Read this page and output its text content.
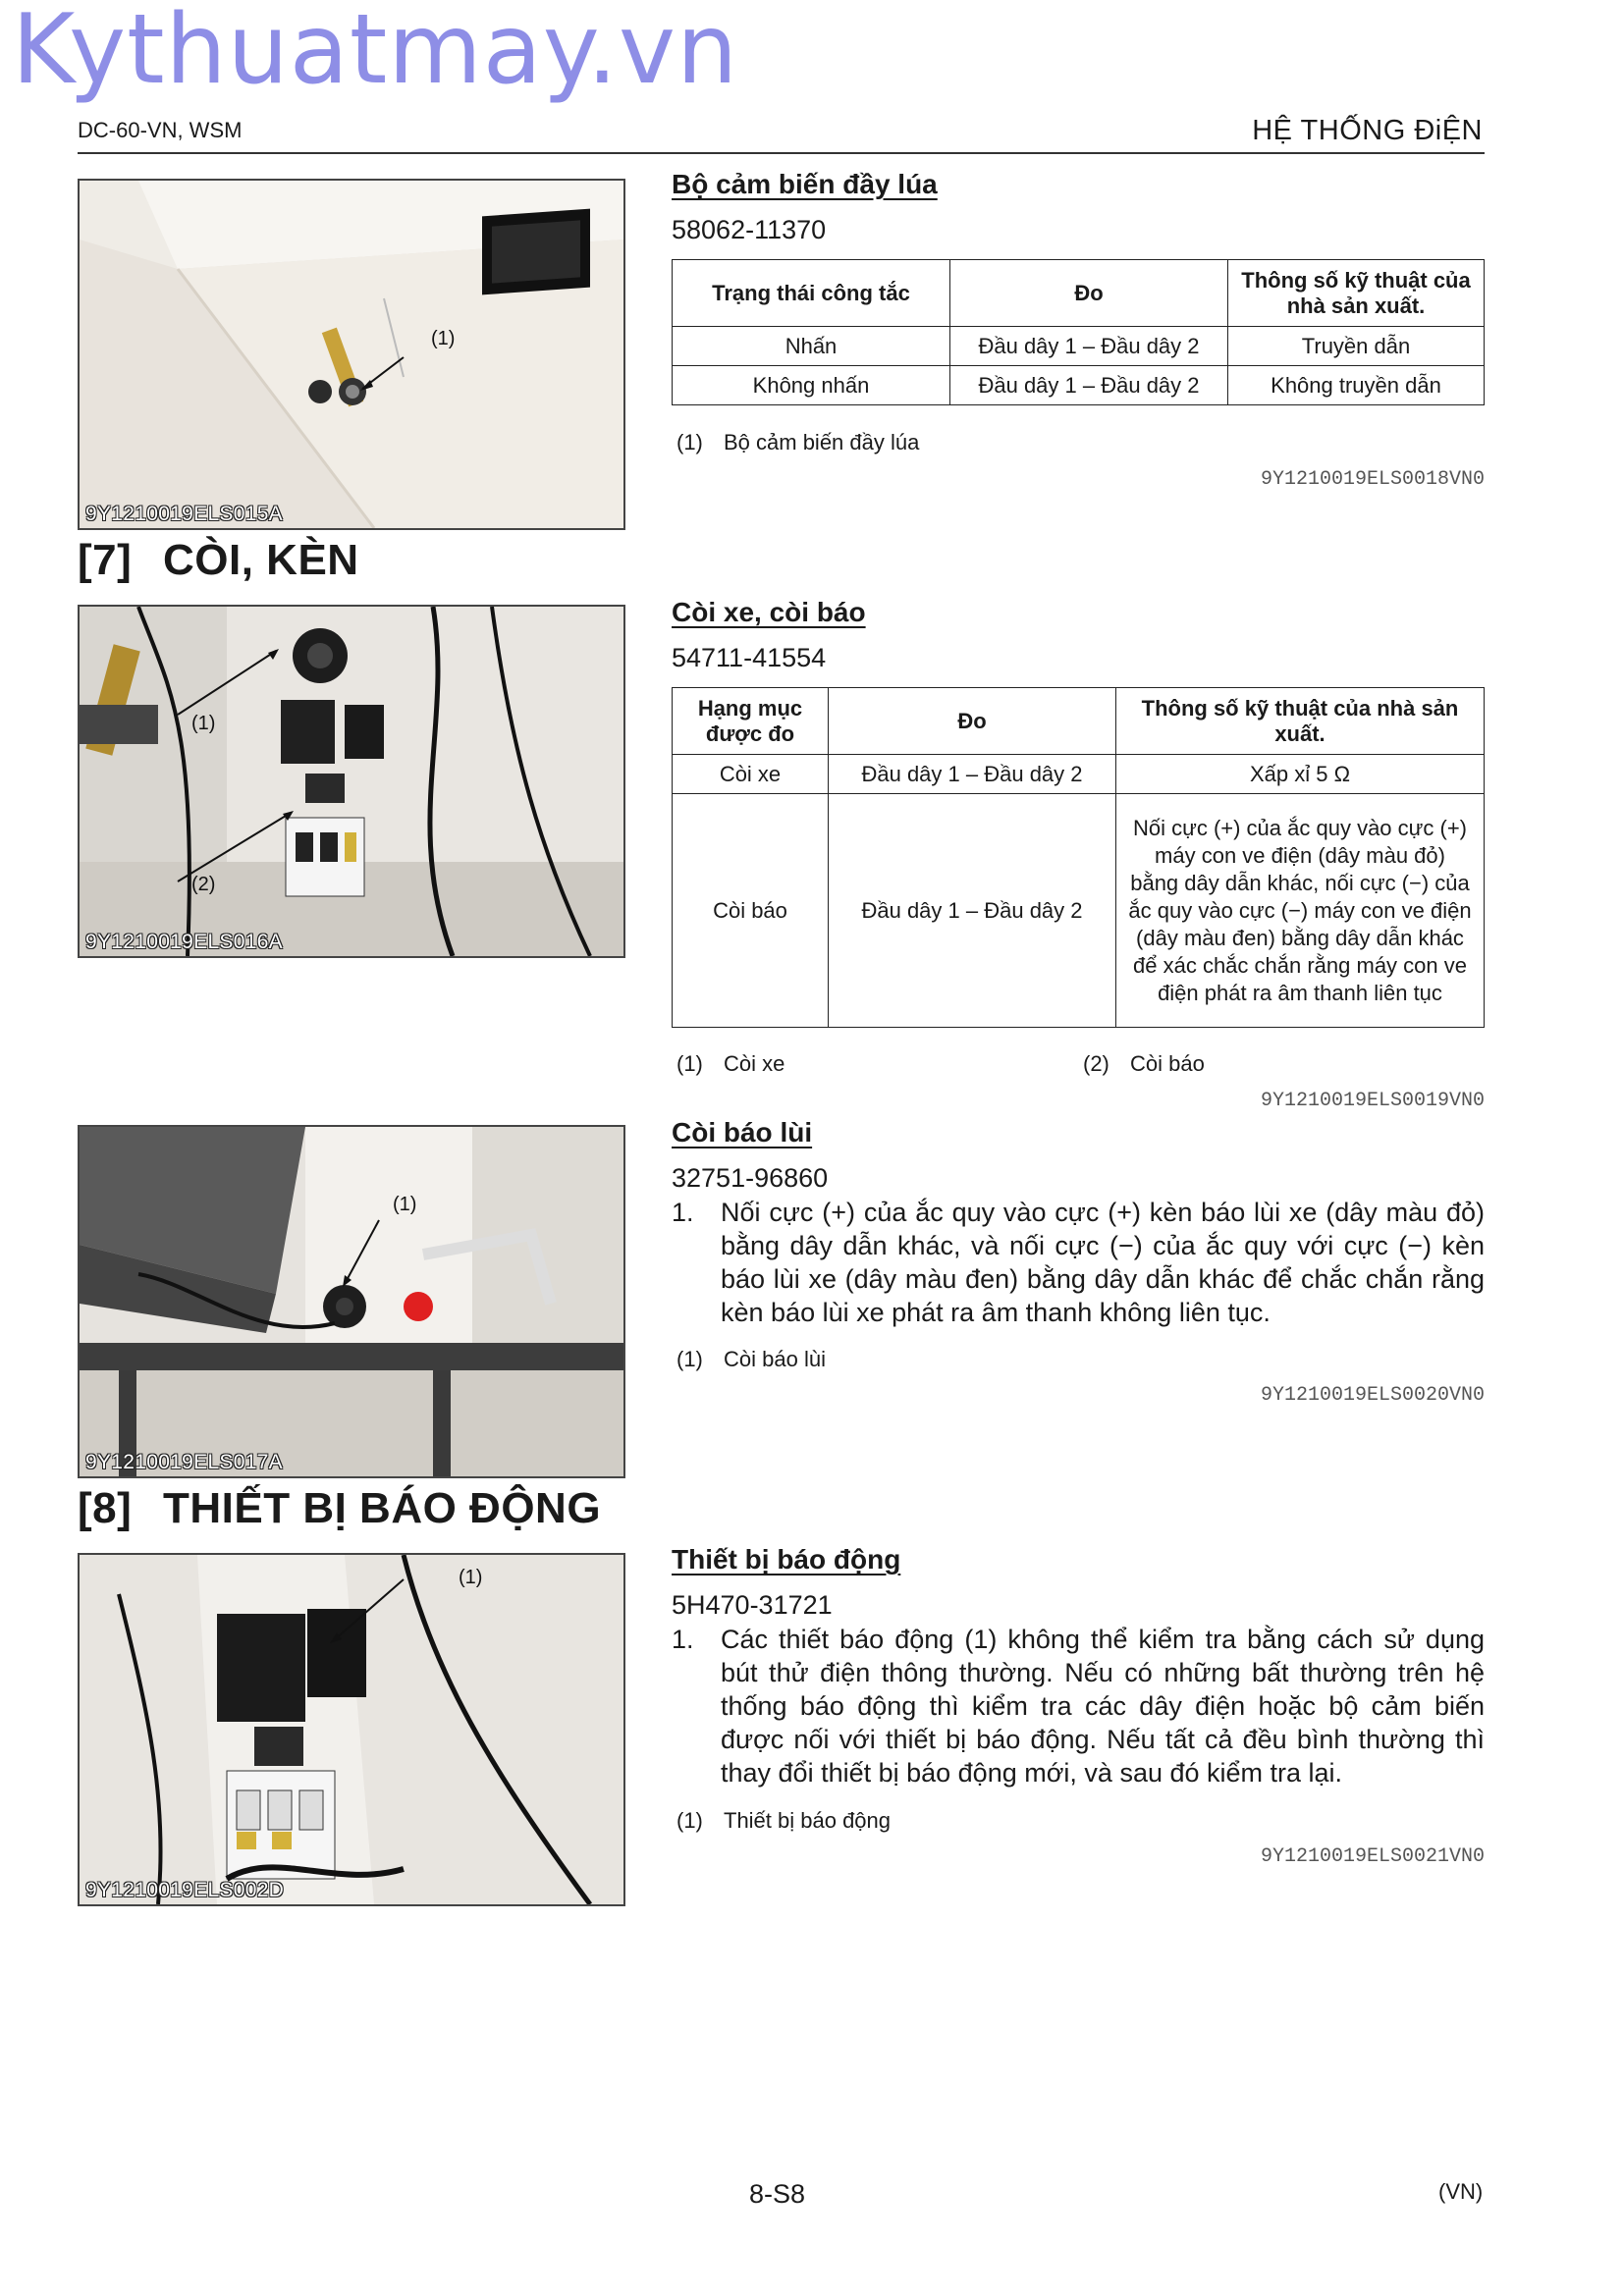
Kythuatmay.vn
DC-60-VN, WSM	HỆ THỐNG ĐiỆN
(1)
9Y1210019ELS015A
Bộ cảm biến đầy lúa
58062-11370
Trạng thái công tắc	Đo	Thông số kỹ thuật của nhà sản xuất.
Nhấn	Đầu dây 1 – Đầu dây 2	Truyền dẫn
Không nhấn	Đầu dây 1 – Đầu dây 2	Không truyền dẫn
(1) Bộ cảm biến đầy lúa
9Y1210019ELS0018VN0
[7] CÒI, KÈN
(1)
(2)
9Y1210019ELS016A
Còi xe, còi báo
54711-41554
Hạng mục được đo	Đo	Thông số kỹ thuật của nhà sản xuất.
Còi xe	Đầu dây 1 – Đầu dây 2	Xấp xỉ 5 Ω
Còi báo	Đầu dây 1 – Đầu dây 2	Nối cực (+) của ắc quy vào cực (+) máy con ve điện (dây màu đỏ) bằng dây dẫn khác, nối cực (−) của ắc quy vào cực (−) máy con ve điện (dây màu đen) bằng dây dẫn khác để xác chắc chắn rằng máy con ve điện phát ra âm thanh liên tục
(1) Còi xe	(2) Còi báo
9Y1210019ELS0019VN0
(1)
9Y1210019ELS017A
Còi báo lùi
32751-96860
1. Nối cực (+) của ắc quy vào cực (+) kèn báo lùi xe (dây màu đỏ) bằng dây dẫn khác, và nối cực (−) của ắc quy với cực (−) kèn báo lùi xe (dây màu đen) bằng dây dẫn khác để chắc chắn rằng kèn báo lùi xe phát ra âm thanh không liên tục.
(1) Còi báo lùi
9Y1210019ELS0020VN0
[8] THIẾT BỊ BÁO ĐỘNG
(1)
9Y1210019ELS002D
Thiết bị báo động
5H470-31721
1. Các thiết báo động (1) không thể kiểm tra bằng cách sử dụng bút thử điện thông thường. Nếu có những bất thường trên hệ thống báo động thì kiểm tra các dây điện hoặc bộ cảm biến được nối với thiết bị báo động. Nếu tất cả đều bình thường thì thay đổi thiết bị báo động mới, và sau đó kiểm tra lại.
(1) Thiết bị báo động
9Y1210019ELS0021VN0
8-S8	(VN)
